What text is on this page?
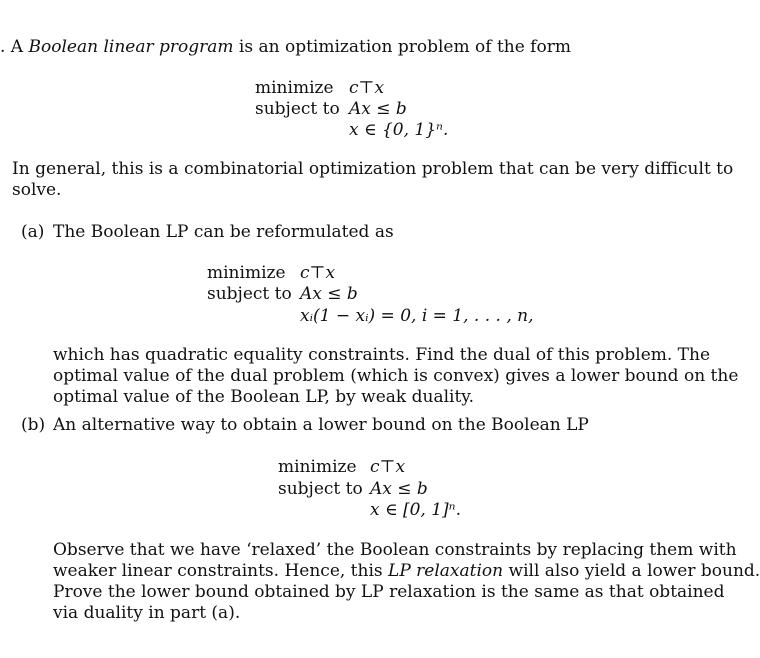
. A Boolean linear program is an optimization problem of the form
minimize c⊤x
subject to Ax ≤ b
x ∈ {0, 1}ⁿ.
In general, this is a combinatorial optimization problem that can be very difficult to
solve.
(a) The Boolean LP can be reformulated as
minimize c⊤x
subject to Ax ≤ b
xᵢ(1 − xᵢ) = 0, i = 1, . . . , n,
which has quadratic equality constraints. Find the dual of this problem. The
optimal value of the dual problem (which is convex) gives a lower bound on the
optimal value of the Boolean LP, by weak duality.
(b) An alternative way to obtain a lower bound on the Boolean LP
minimize c⊤x
subject to Ax ≤ b
x ∈ [0, 1]ⁿ.
Observe that we have ‘relaxed’ the Boolean constraints by replacing them with
weaker linear constraints. Hence, this LP relaxation will also yield a lower bound.
Prove the lower bound obtained by LP relaxation is the same as that obtained
via duality in part (a).
